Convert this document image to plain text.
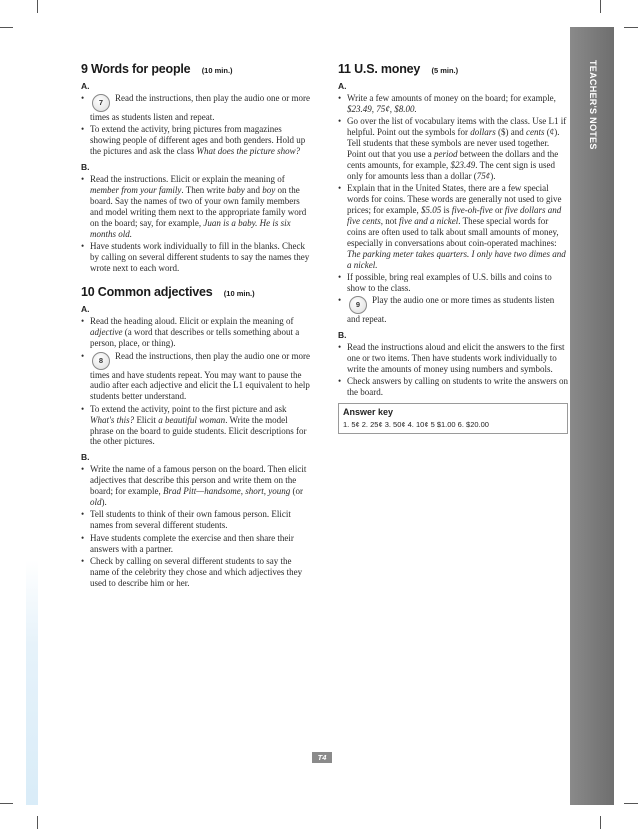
TEACHER'S NOTES
9 Words for people (10 min.)
A.
• 7 Read the instructions, then play the audio one or more times as students listen and repeat.
• To extend the activity, bring pictures from magazines showing people of different ages and both genders. Hold up the pictures and ask the class What does the picture show?
B.
• Read the instructions. Elicit or explain the meaning of member from your family. Then write baby and boy on the board. Say the names of two of your own family members and model writing them next to the appropriate family word on the board; say, for example, Juan is a baby. He is six months old.
• Have students work individually to fill in the blanks. Check by calling on several different students to say the names they wrote next to each word.
10 Common adjectives (10 min.)
A.
• Read the heading aloud. Elicit or explain the meaning of adjective (a word that describes or tells something about a person, place, or thing).
• 8 Read the instructions, then play the audio one or more times and have students repeat. You may want to pause the audio after each adjective and elicit the L1 equivalent to help students better understand.
• To extend the activity, point to the first picture and ask What's this? Elicit a beautiful woman. Write the model phrase on the board to guide students. Elicit descriptions for the other pictures.
B.
• Write the name of a famous person on the board. Then elicit adjectives that describe this person and write them on the board; for example, Brad Pitt—handsome, short, young (or old).
• Tell students to think of their own famous person. Elicit names from several different students.
• Have students complete the exercise and then share their answers with a partner.
• Check by calling on several different students to say the name of the celebrity they chose and which adjectives they used to describe him or her.
11 U.S. money (5 min.)
A.
• Write a few amounts of money on the board; for example, $23.49, 75¢, $8.00.
• Go over the list of vocabulary items with the class. Use L1 if helpful. Point out the symbols for dollars ($) and cents (¢). Tell students that these symbols are never used together. Point out that you use a period between the dollars and the cents amounts, for example, $23.49. The cent sign is used only for amounts less than a dollar (75¢).
• Explain that in the United States, there are a few special words for coins. These words are generally not used to give prices; for example, $5.05 is five-oh-five or five dollars and five cents, not five and a nickel. These special words for coins are often used to talk about small amounts of money, especially in conversations about coin-operated machines: The parking meter takes quarters. I only have two dimes and a nickel.
• If possible, bring real examples of U.S. bills and coins to show to the class.
• 9 Play the audio one or more times as students listen and repeat.
B.
• Read the instructions aloud and elicit the answers to the first one or two items. Then have students work individually to write the amounts of money using numbers and symbols.
• Check answers by calling on students to write the answers on the board.
Answer key
1. 5¢ 2. 25¢ 3. 50¢ 4. 10¢ 5 $1.00 6. $20.00
T4
